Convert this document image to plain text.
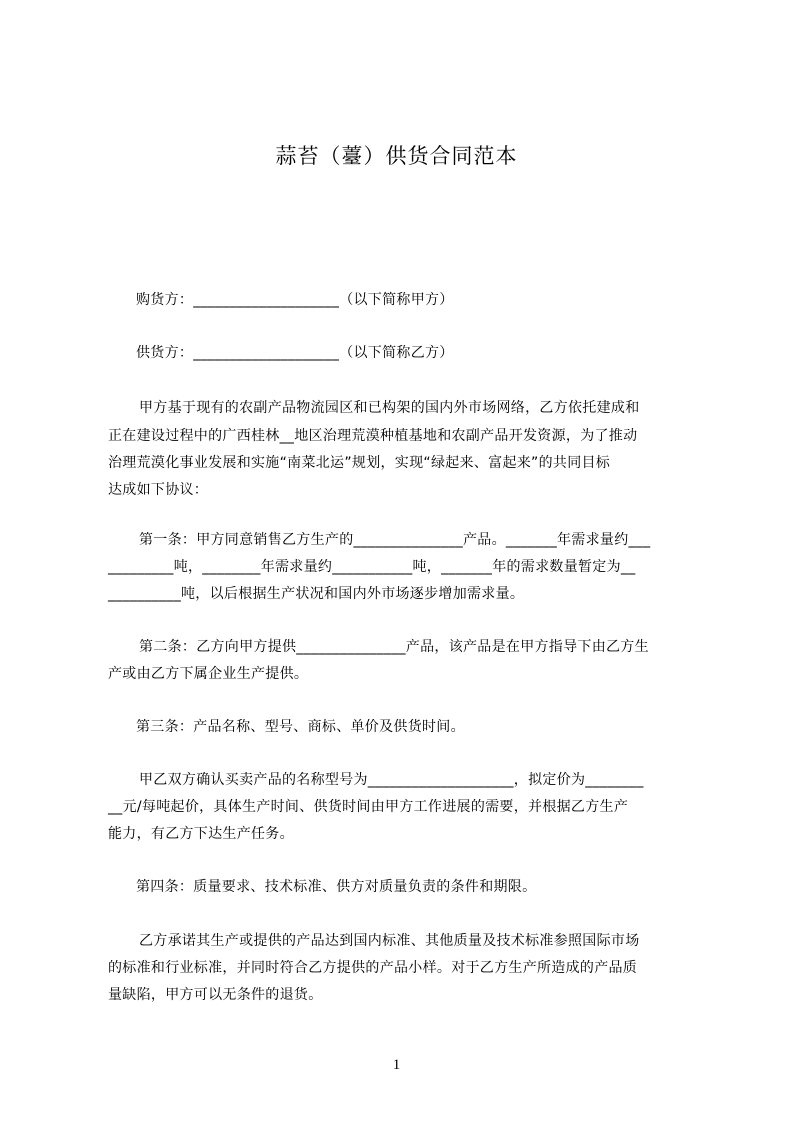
蒜苔（薹）供货合同范本
购货方：____________________（以下简称甲方）
供货方：____________________（以下简称乙方）
甲方基于现有的农副产品物流园区和已构架的国内外市场网络，乙方依托建成和
正在建设过程中的广西桂林__地区治理荒漠种植基地和农副产品开发资源，为了推动
治理荒漠化事业发展和实施“南菜北运”规划，实现“绿起来、富起来”的共同目标
达成如下协议：
第一条：甲方同意销售乙方生产的_______________产品。_______年需求量约___
_________吨，________年需求量约___________吨，_______年的需求数量暂定为__
__________吨，以后根据生产状况和国内外市场逐步增加需求量。
第二条：乙方向甲方提供_______________产品，该产品是在甲方指导下由乙方生
产或由乙方下属企业生产提供。
第三条：产品名称、型号、商标、单价及供货时间。
甲乙双方确认买卖产品的名称型号为____________________，拟定价为________
__元/每吨起价，具体生产时间、供货时间由甲方工作进展的需要，并根据乙方生产
能力，有乙方下达生产任务。
第四条：质量要求、技术标准、供方对质量负责的条件和期限。
乙方承诺其生产或提供的产品达到国内标准、其他质量及技术标准参照国际市场
的标准和行业标准，并同时符合乙方提供的产品小样。对于乙方生产所造成的产品质
量缺陷，甲方可以无条件的退货。
1
